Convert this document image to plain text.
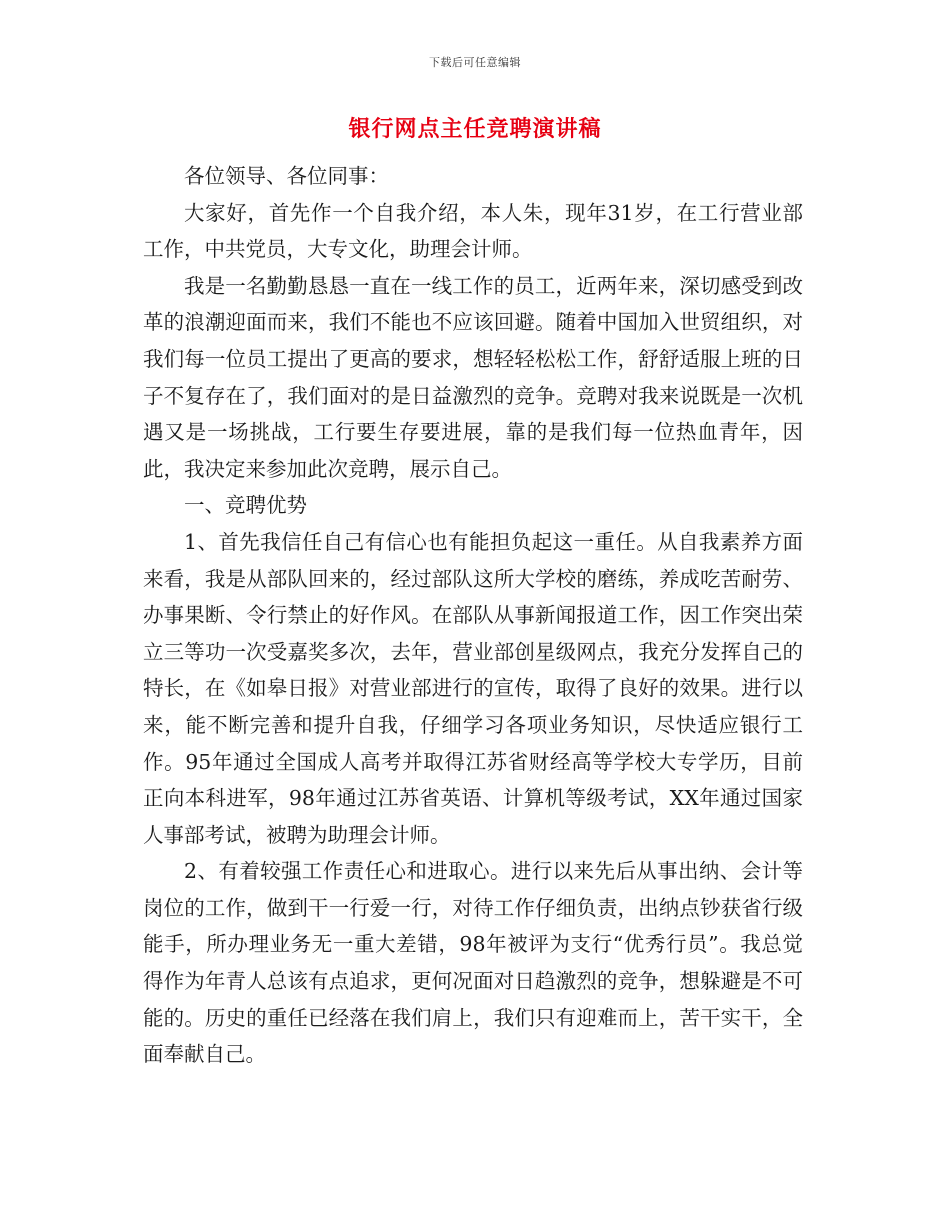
下载后可任意编辑
银行网点主任竞聘演讲稿

各位领导、各位同事：

大家好，首先作一个自我介绍，本人朱，现年31岁，在工行营业部工作，中共党员，大专文化，助理会计师。

我是一名勤勤恳恳一直在一线工作的员工，近两年来，深切感受到改革的浪潮迎面而来，我们不能也不应该回避。随着中国加入世贸组织，对我们每一位员工提出了更高的要求，想轻轻松松工作，舒舒适服上班的日子不复存在了，我们面对的是日益激烈的竞争。竞聘对我来说既是一次机遇又是一场挑战，工行要生存要进展，靠的是我们每一位热血青年，因此，我决定来参加此次竞聘，展示自己。

一、竞聘优势

1、首先我信任自己有信心也有能担负起这一重任。从自我素养方面来看，我是从部队回来的，经过部队这所大学校的磨练，养成吃苦耐劳、办事果断、令行禁止的好作风。在部队从事新闻报道工作，因工作突出荣立三等功一次受嘉奖多次，去年，营业部创星级网点，我充分发挥自己的特长，在《如皋日报》对营业部进行的宣传，取得了良好的效果。进行以来，能不断完善和提升自我，仔细学习各项业务知识，尽快适应银行工作。95年通过全国成人高考并取得江苏省财经高等学校大专学历，目前正向本科进军，98年通过江苏省英语、计算机等级考试，XX年通过国家人事部考试，被聘为助理会计师。

2、有着较强工作责任心和进取心。进行以来先后从事出纳、会计等岗位的工作，做到干一行爱一行，对待工作仔细负责，出纳点钞获省行级能手，所办理业务无一重大差错，98年被评为支行“优秀行员”。我总觉得作为年青人总该有点追求，更何况面对日趋激烈的竞争，想躲避是不可能的。历史的重任已经落在我们肩上，我们只有迎难而上，苦干实干，全面奉献自己。
